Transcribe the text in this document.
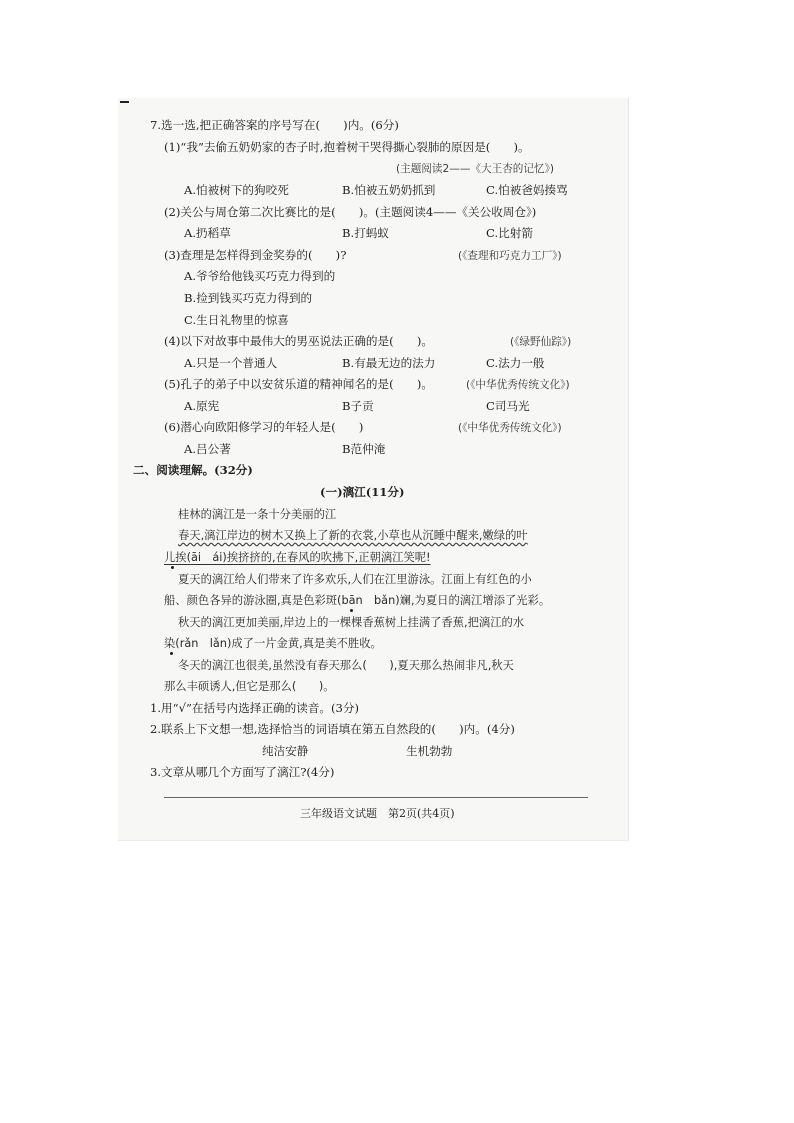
7.选一选,把正确答案的序号写在(　　)内。(6分)
(1)“我”去偷五奶奶家的杏子时,抱着树干哭得撕心裂肺的原因是(　　)。
(主题阅读2——《大王杏的记忆》)
A.怕被树下的狗咬死	B.怕被五奶奶抓到	C.怕被爸妈揍骂
(2)关公与周仓第二次比赛比的是(　　)。(主题阅读4——《关公收周仓》)
A.扔稻草	B.打蚂蚁	C.比射箭
(3)查理是怎样得到金奖券的(　　)?	(《查理和巧克力工厂》)
A.爷爷给他钱买巧克力得到的
B.捡到钱买巧克力得到的
C.生日礼物里的惊喜
(4)以下对故事中最伟大的男巫说法正确的是(　　)。	(《绿野仙踪》)
A.只是一个普通人	B.有最无边的法力	C.法力一般
(5)孔子的弟子中以安贫乐道的精神闻名的是(　　)。	(《中华优秀传统文化》)
A.原宪	B子贡	C司马光
(6)潜心向欧阳修学习的年轻人是(　　)	(《中华优秀传统文化》)
A.吕公著	B范仲淹
二、阅读理解。(32分)
(一)漓江(11分)
桂林的漓江是一条十分美丽的江
春天,漓江岸边的树木又换上了新的衣裳,小草也从沉睡中醒来,嫩绿的叶
儿挨(āi　ái)挨挤挤的,在春风的吹拂下,正朝漓江笑呢!
夏天的漓江给人们带来了许多欢乐,人们在江里游泳。江面上有红色的小
船、颜色各异的游泳圈,真是色彩斑(bān　bǎn)斓,为夏日的漓江增添了光彩。
秋天的漓江更加美丽,岸边上的一棵棵香蕉树上挂满了香蕉,把漓江的水
染(rǎn　lǎn)成了一片金黄,真是美不胜收。
冬天的漓江也很美,虽然没有春天那么(　　),夏天那么热闹非凡,秋天
那么丰硕诱人,但它是那么(　　)。
1.用“√”在括号内选择正确的读音。(3分)
2.联系上下文想一想,选择恰当的词语填在第五自然段的(　　)内。(4分)
纯洁安静	生机勃勃
3.文章从哪几个方面写了漓江?(4分)
三年级语文试题　第2页(共4页)
